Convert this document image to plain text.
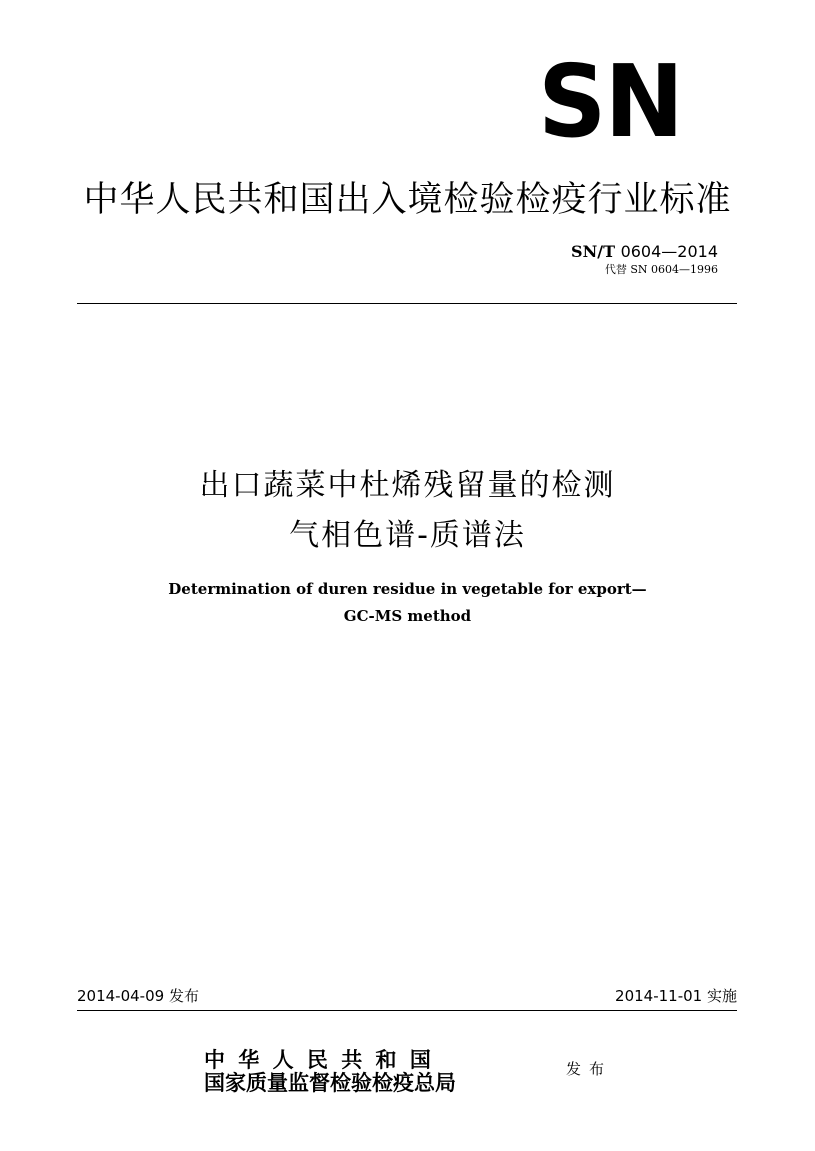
SN
中华人民共和国出入境检验检疫行业标准
SN/T 0604—2014
代替 SN 0604—1996
出口蔬菜中杜烯残留量的检测
气相色谱-质谱法
Determination of duren residue in vegetable for export—
GC-MS method
2014-04-09 发布	2014-11-01 实施
中 华 人 民 共 和 国
国家质量监督检验检疫总局
发布
